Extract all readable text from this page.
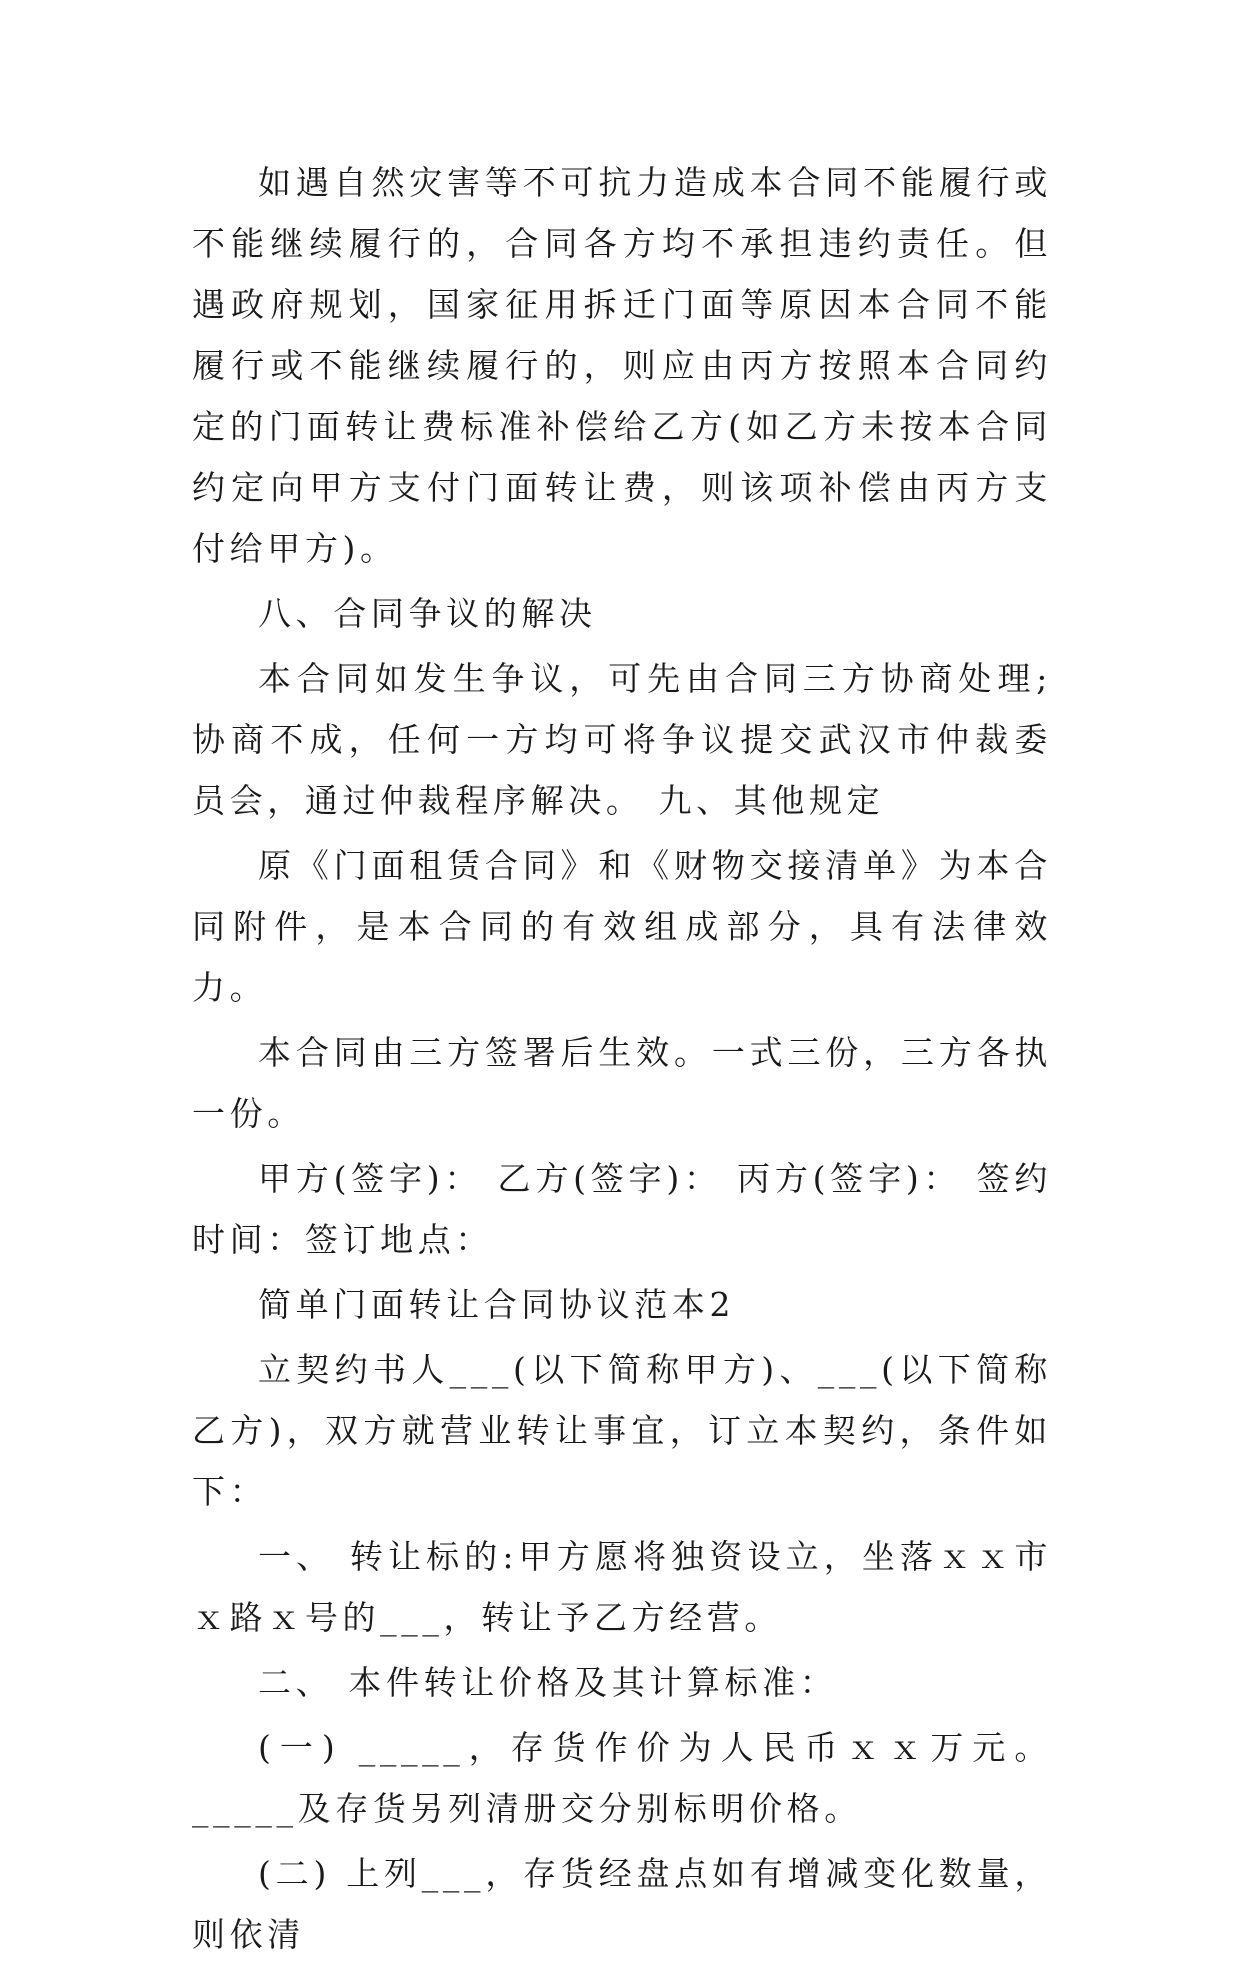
如遇自然灾害等不可抗力造成本合同不能履行或不能继续履行的，合同各方均不承担违约责任。但遇政府规划，国家征用拆迁门面等原因本合同不能履行或不能继续履行的，则应由丙方按照本合同约定的门面转让费标准补偿给乙方(如乙方未按本合同约定向甲方支付门面转让费，则该项补偿由丙方支付给甲方)。

八、合同争议的解决

本合同如发生争议，可先由合同三方协商处理;协商不成，任何一方均可将争议提交武汉市仲裁委员会，通过仲裁程序解决。 九、其他规定

原《门面租赁合同》和《财物交接清单》为本合同附件，是本合同的有效组成部分，具有法律效力。

本合同由三方签署后生效。一式三份，三方各执一份。

甲方(签字)： 乙方(签字)： 丙方(签字)： 签约时间：签订地点：

简单门面转让合同协议范本2

立契约书人___(以下简称甲方)、___(以下简称乙方)，双方就营业转让事宜，订立本契约，条件如下：

一、 转让标的:甲方愿将独资设立，坐落ｘｘ市ｘ路ｘ号的___，转让予乙方经营。

二、 本件转让价格及其计算标准：

(一) _____，存货作价为人民币ｘｘ万元。_____及存货另列清册交分别标明价格。

(二) 上列___，存货经盘点如有增减变化数量，则依清
